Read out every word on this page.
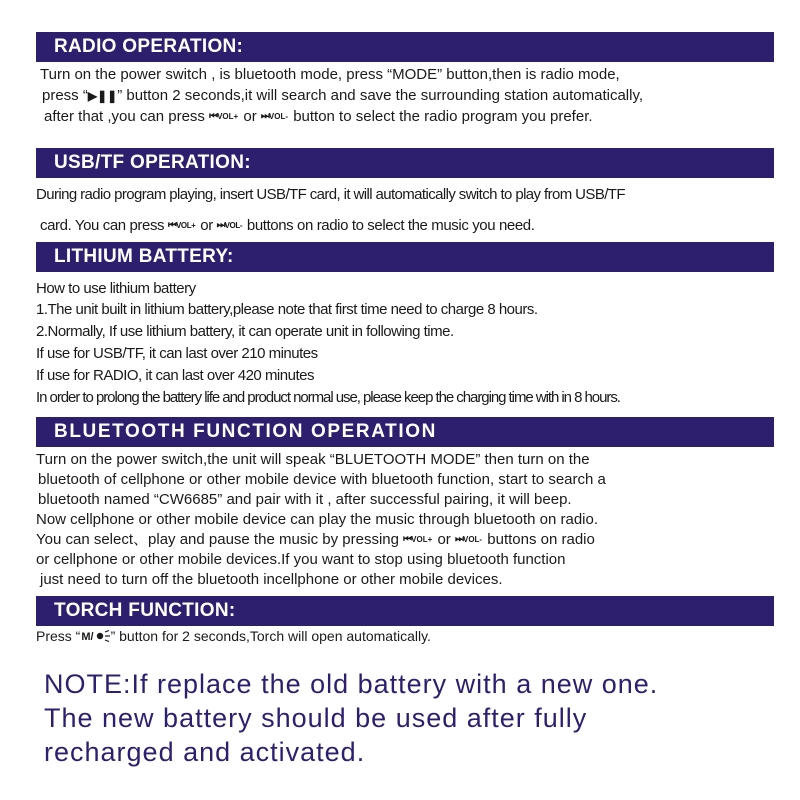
RADIO OPERATION:
Turn on the power switch , is bluetooth mode, press “MODE” button,then is radio mode,
press “▶❚❚” button 2 seconds,it will search and save the surrounding station automatically,
after that ,you can press ⏮VOL+ or ⏭VOL- button to select the radio program you prefer.
USB/TF OPERATION:
During radio program playing, insert USB/TF card, it will automatically switch to play from USB/TF
card. You can press ⏮VOL+ or ⏭VOL- buttons on radio to select the music you need.
LITHIUM BATTERY:
How to use lithium battery
1.The unit built in lithium battery,please note that first time need to charge 8 hours.
2.Normally, If use lithium battery, it can operate unit in following time.
If use for USB/TF, it can last over 210 minutes
If use for RADIO, it can last over 420 minutes
In order to prolong the battery life and product normal use, please keep the charging time with in 8 hours.
BLUETOOTH FUNCTION OPERATION
Turn on the power switch,the unit will speak “BLUETOOTH MODE” then turn on the
bluetooth of cellphone or other mobile device with bluetooth function, start to search a
bluetooth named “CW6685” and pair with it , after successful pairing, it will beep.
Now cellphone or other mobile device can play the music through bluetooth on radio.
You can select、play and pause the music by pressing ⏮VOL+ or ⏭VOL- buttons on radio
or cellphone or other mobile devices.If you want to stop using bluetooth function
just need to turn off the bluetooth incellphone or other mobile devices.
TORCH FUNCTION:
Press “M/ ” button for 2 seconds,Torch will open automatically.
NOTE:If replace the old battery with a new one.
The new battery should be used after fully
recharged and activated.
